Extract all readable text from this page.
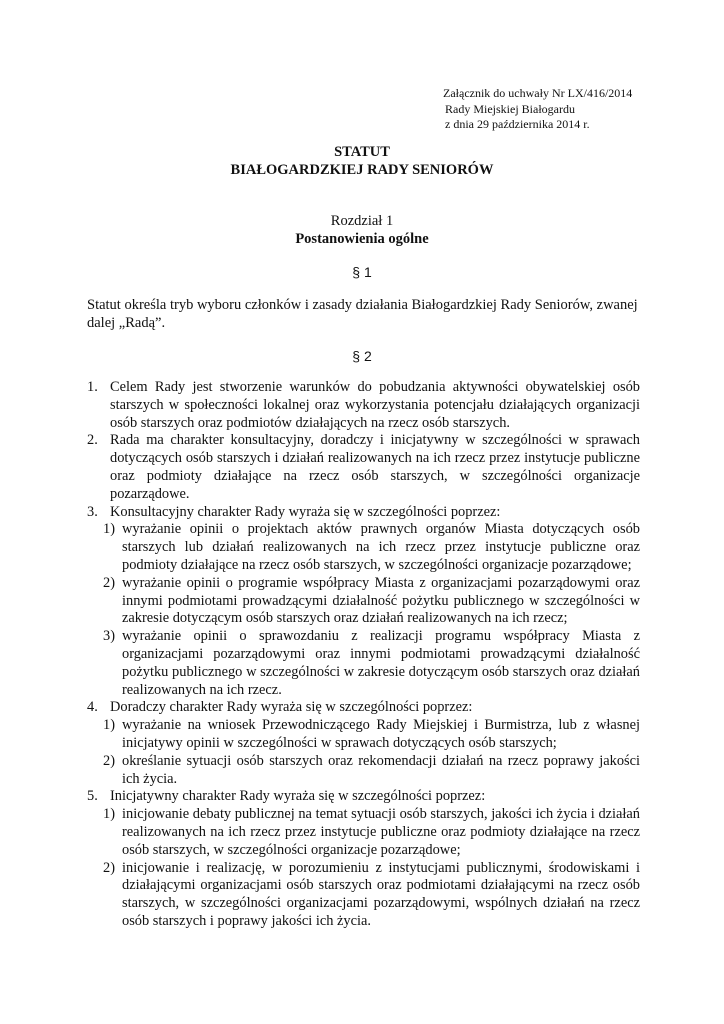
Załącznik do uchwały Nr LX/416/2014
Rady Miejskiej Białogardu
z dnia 29 października 2014 r.
STATUT
BIAŁOGARDZKIEJ RADY SENIORÓW
Rozdział 1
Postanowienia ogólne
§ 1
Statut określa tryb wyboru członków i zasady działania Białogardzkiej Rady Seniorów, zwanej dalej „Radą”.
§ 2
1. Celem Rady jest stworzenie warunków do pobudzania aktywności obywatelskiej osób starszych w społeczności lokalnej oraz wykorzystania potencjału działających organizacji osób starszych oraz podmiotów działających na rzecz osób starszych.
2. Rada ma charakter konsultacyjny, doradczy i inicjatywny w szczególności w sprawach dotyczących osób starszych i działań realizowanych na ich rzecz przez instytucje publiczne oraz podmioty działające na rzecz osób starszych, w szczególności organizacje pozarządowe.
3. Konsultacyjny charakter Rady wyraża się w szczególności poprzez:
1) wyrażanie opinii o projektach aktów prawnych organów Miasta dotyczących osób starszych lub działań realizowanych na ich rzecz przez instytucje publiczne oraz podmioty działające na rzecz osób starszych, w szczególności organizacje pozarządowe;
2) wyrażanie opinii o programie współpracy Miasta z organizacjami pozarządowymi oraz innymi podmiotami prowadzącymi działalność pożytku publicznego w szczególności w zakresie dotyczącym osób starszych oraz działań realizowanych na ich rzecz;
3) wyrażanie opinii o sprawozdaniu z realizacji programu współpracy Miasta z organizacjami pozarządowymi oraz innymi podmiotami prowadzącymi działalność pożytku publicznego w szczególności w zakresie dotyczącym osób starszych oraz działań realizowanych na ich rzecz.
4. Doradczy charakter Rady wyraża się w szczególności poprzez:
1) wyrażanie na wniosek Przewodniczącego Rady Miejskiej i Burmistrza, lub z własnej inicjatywy opinii w szczególności w sprawach dotyczących osób starszych;
2) określanie sytuacji osób starszych oraz rekomendacji działań na rzecz poprawy jakości ich życia.
5. Inicjatywny charakter Rady wyraża się w szczególności poprzez:
1) inicjowanie debaty publicznej na temat sytuacji osób starszych, jakości ich życia i działań realizowanych na ich rzecz przez instytucje publiczne oraz podmioty działające na rzecz osób starszych, w szczególności organizacje pozarządowe;
2) inicjowanie i realizację, w porozumieniu z instytucjami publicznymi, środowiskami i działającymi organizacjami osób starszych oraz podmiotami działającymi na rzecz osób starszych, w szczególności organizacjami pozarządowymi, wspólnych działań na rzecz osób starszych i poprawy jakości ich życia.
